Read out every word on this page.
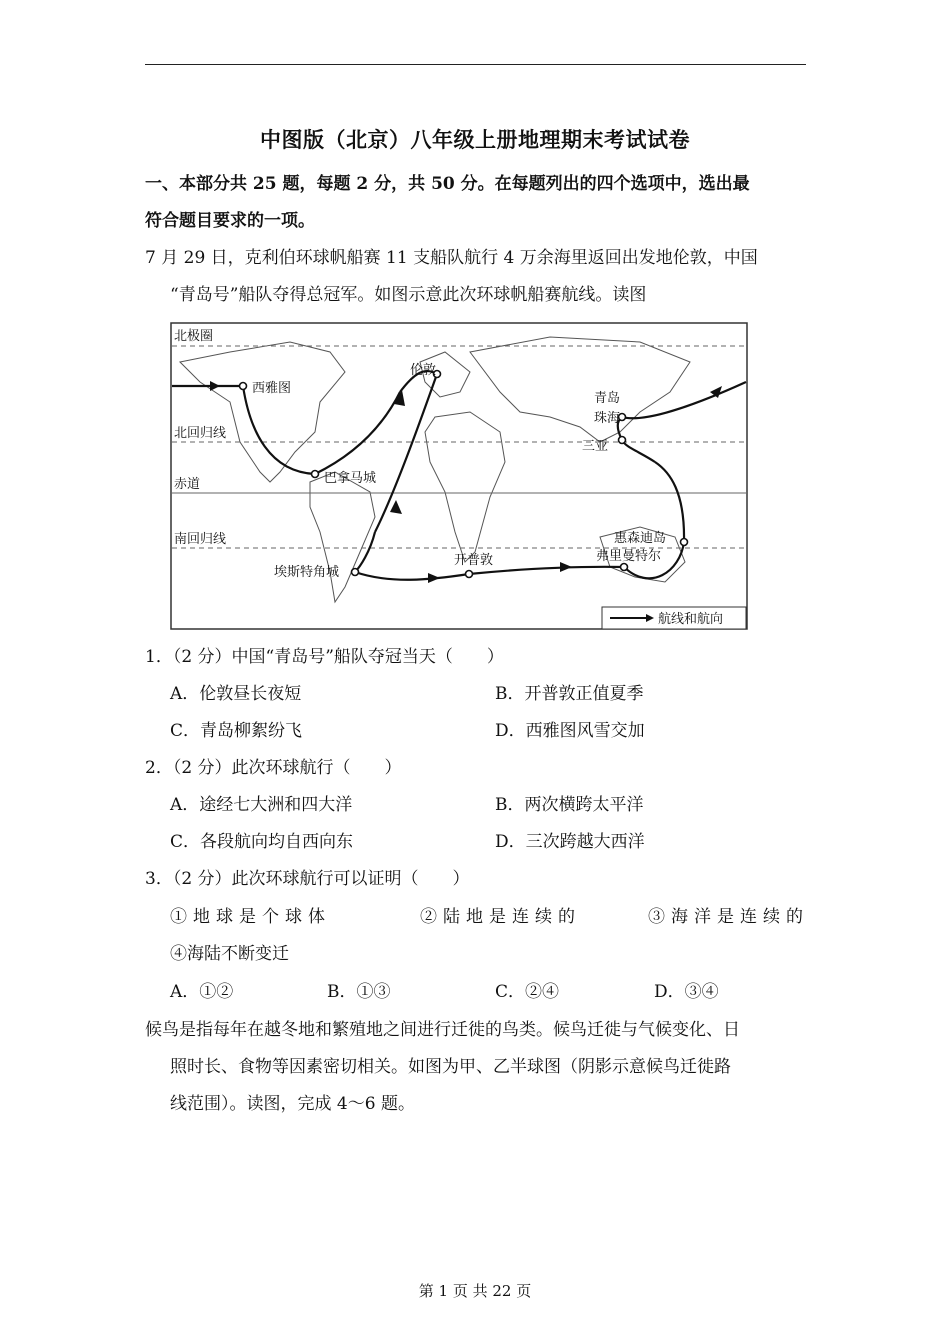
中图版（北京）八年级上册地理期末考试试卷
一、本部分共 25 题，每题 2 分，共 50 分。在每题列出的四个选项中，选出最
符合题目要求的一项。
7 月 29 日，克利伯环球帆船赛 11 支船队航行 4 万余海里返回出发地伦敦，中国
“青岛号”船队夺得总冠军。如图示意此次环球帆船赛航线。读图
北极圈
北回归线
赤道
南回归线
西雅图
伦敦
巴拿马城
埃斯特角城
开普敦
青岛
珠海
三亚
惠森迪岛
弗里曼特尔
航线和航向
1．（2 分）中国“青岛号”船队夺冠当天（　　）
A．伦敦昼长夜短	B．开普敦正值夏季
C．青岛柳絮纷飞	D．西雅图风雪交加
2．（2 分）此次环球航行（　　）
A．途经七大洲和四大洋	B．两次横跨太平洋
C．各段航向均自西向东	D．三次跨越大西洋
3．（2 分）此次环球航行可以证明（　　）
①地球是个球体	②陆地是连续的	③海洋是连续的
④海陆不断变迁
A．①②	B．①③	C．②④	D．③④
候鸟是指每年在越冬地和繁殖地之间进行迁徙的鸟类。候鸟迁徙与气候变化、日
照时长、食物等因素密切相关。如图为甲、乙半球图（阴影示意候鸟迁徙路
线范围）。读图，完成 4～6 题。
第 1 页 共 22 页
